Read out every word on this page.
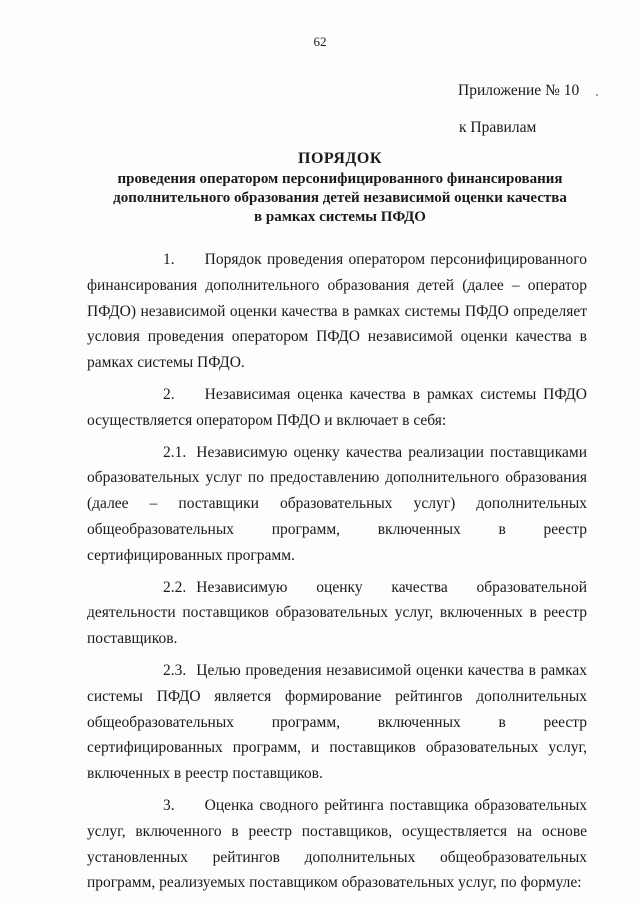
62
Приложение № 10
к Правилам
ПОРЯДОК
проведения оператором персонифицированного финансирования
дополнительного образования детей независимой оценки качества
в рамках системы ПФДО

1. Порядок проведения оператором персонифицированного финансирования дополнительного образования детей (далее – оператор ПФДО) независимой оценки качества в рамках системы ПФДО определяет условия проведения оператором ПФДО независимой оценки качества в рамках системы ПФДО.

2. Независимая оценка качества в рамках системы ПФДО осуществляется оператором ПФДО и включает в себя:

2.1. Независимую оценку качества реализации поставщиками образовательных услуг по предоставлению дополнительного образования (далее – поставщики образовательных услуг) дополнительных общеобразовательных программ, включенных в реестр сертифицированных программ.

2.2. Независимую оценку качества образовательной деятельности поставщиков образовательных услуг, включенных в реестр поставщиков.

2.3. Целью проведения независимой оценки качества в рамках системы ПФДО является формирование рейтингов дополнительных общеобразовательных программ, включенных в реестр сертифицированных программ, и поставщиков образовательных услуг, включенных в реестр поставщиков.

3. Оценка сводного рейтинга поставщика образовательных услуг, включенного в реестр поставщиков, осуществляется на основе установленных рейтингов дополнительных общеобразовательных программ, реализуемых поставщиком образовательных услуг, по формуле:
